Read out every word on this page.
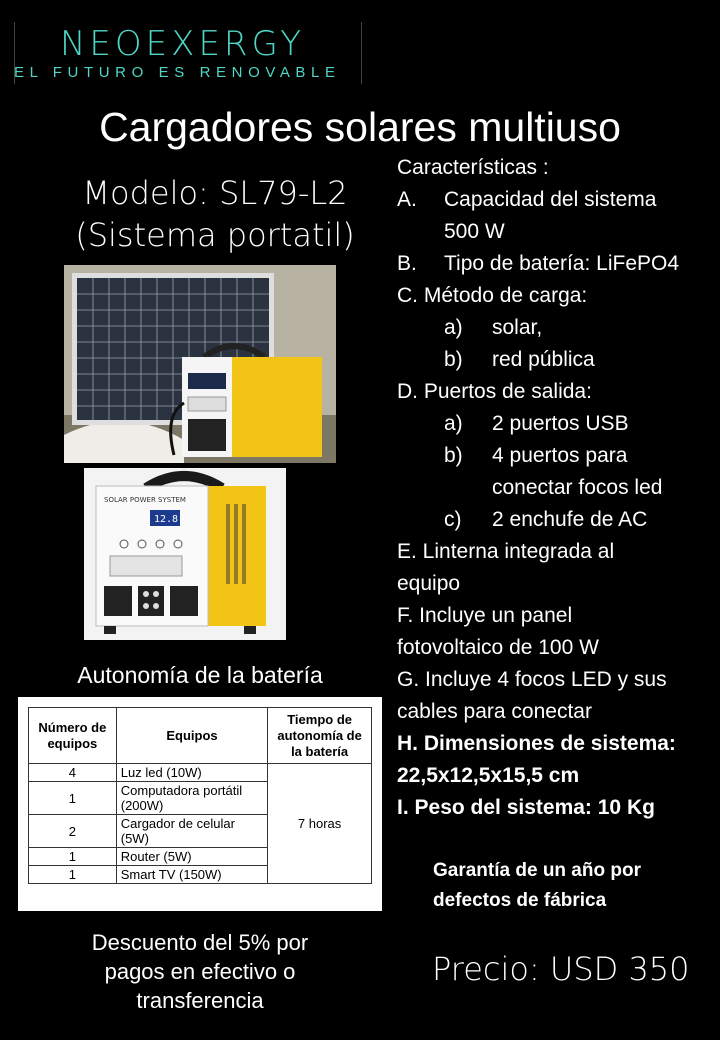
NEOEXERGY
EL FUTURO ES RENOVABLE
Cargadores solares multiuso
Modelo: SL79-L2
(Sistema portatil)
Características :
A. Capacidad del sistema
500 W
B. Tipo de batería: LiFePO4
C. Método de carga:
a) solar,
b) red pública
D. Puertos de salida:
a) 2 puertos USB
b) 4 puertos para
conectar focos led
c) 2 enchufe de AC
E. Linterna integrada al
equipo
F. Incluye un panel
fotovoltaico de 100 W
G. Incluye 4 focos LED y sus
cables para conectar
H. Dimensiones de sistema:
22,5x12,5x15,5 cm
I. Peso del sistema: 10 Kg
SOLAR POWER SYSTEM
12.8
Autonomía de la batería
Número de equipos	Equipos	Tiempo de autonomía de la batería
4	Luz led (10W)	7 horas
1	Computadora portátil (200W)	
2	Cargador de celular (5W)	
1	Router (5W)	
1	Smart TV (150W)	
Descuento del 5% por
pagos en efectivo o
transferencia
Garantía de un año por
defectos de fábrica
Precio: USD 350
